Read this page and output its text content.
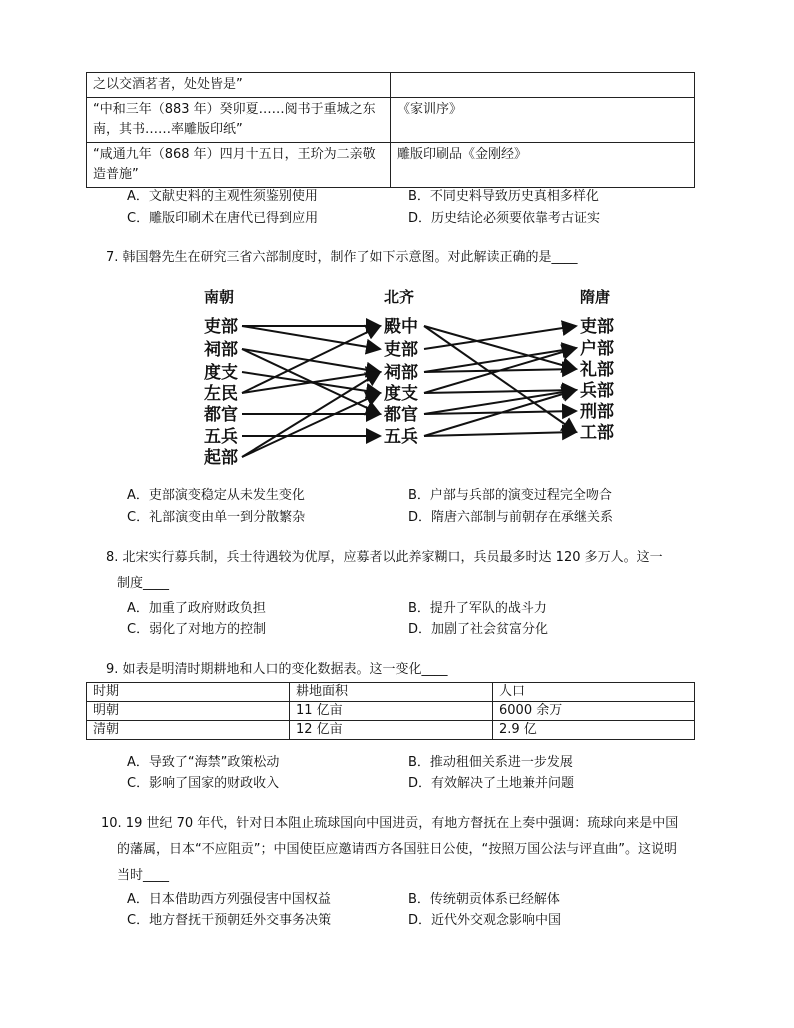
之以交酒茗者，处处皆是”	
“中和三年（883 年）癸卯夏……阅书于重城之东南，其书……率雕版印纸”	《家训序》
“咸通九年（868 年）四月十五日，王玠为二亲敬造普施”	雕版印刷品《金刚经》
A．文献史料的主观性须鉴别使用	B．不同史料导致历史真相多样化
C．雕版印刷术在唐代已得到应用	D．历史结论必须要依靠考古证实
7. 韩国磐先生在研究三省六部制度时，制作了如下示意图。对此解读正确的是____
南朝	北齐	隋唐
吏部
祠部
度支
左民
都官
五兵
起部
殿中
吏部
祠部
度支
都官
五兵
吏部
户部
礼部
兵部
刑部
工部
A．吏部演变稳定从未发生变化	B．户部与兵部的演变过程完全吻合
C．礼部演变由单一到分散繁杂	D．隋唐六部制与前朝存在承继关系
8. 北宋实行募兵制，兵士待遇较为优厚，应募者以此养家糊口，兵员最多时达 120 多万人。这一
制度____
A．加重了政府财政负担	B．提升了军队的战斗力
C．弱化了对地方的控制	D．加剧了社会贫富分化
9. 如表是明清时期耕地和人口的变化数据表。这一变化____
时期	耕地面积	人口
明朝	11 亿亩	6000 余万
清朝	12 亿亩	2.9 亿
A．导致了“海禁”政策松动	B．推动租佃关系进一步发展
C．影响了国家的财政收入	D．有效解决了土地兼并问题
10. 19 世纪 70 年代，针对日本阻止琉球国向中国进贡，有地方督抚在上奏中强调：琉球向来是中国
的藩属，日本“不应阻贡”；中国使臣应邀请西方各国驻日公使，“按照万国公法与评直曲”。这说明
当时____
A．日本借助西方列强侵害中国权益	B．传统朝贡体系已经解体
C．地方督抚干预朝廷外交事务决策	D．近代外交观念影响中国
